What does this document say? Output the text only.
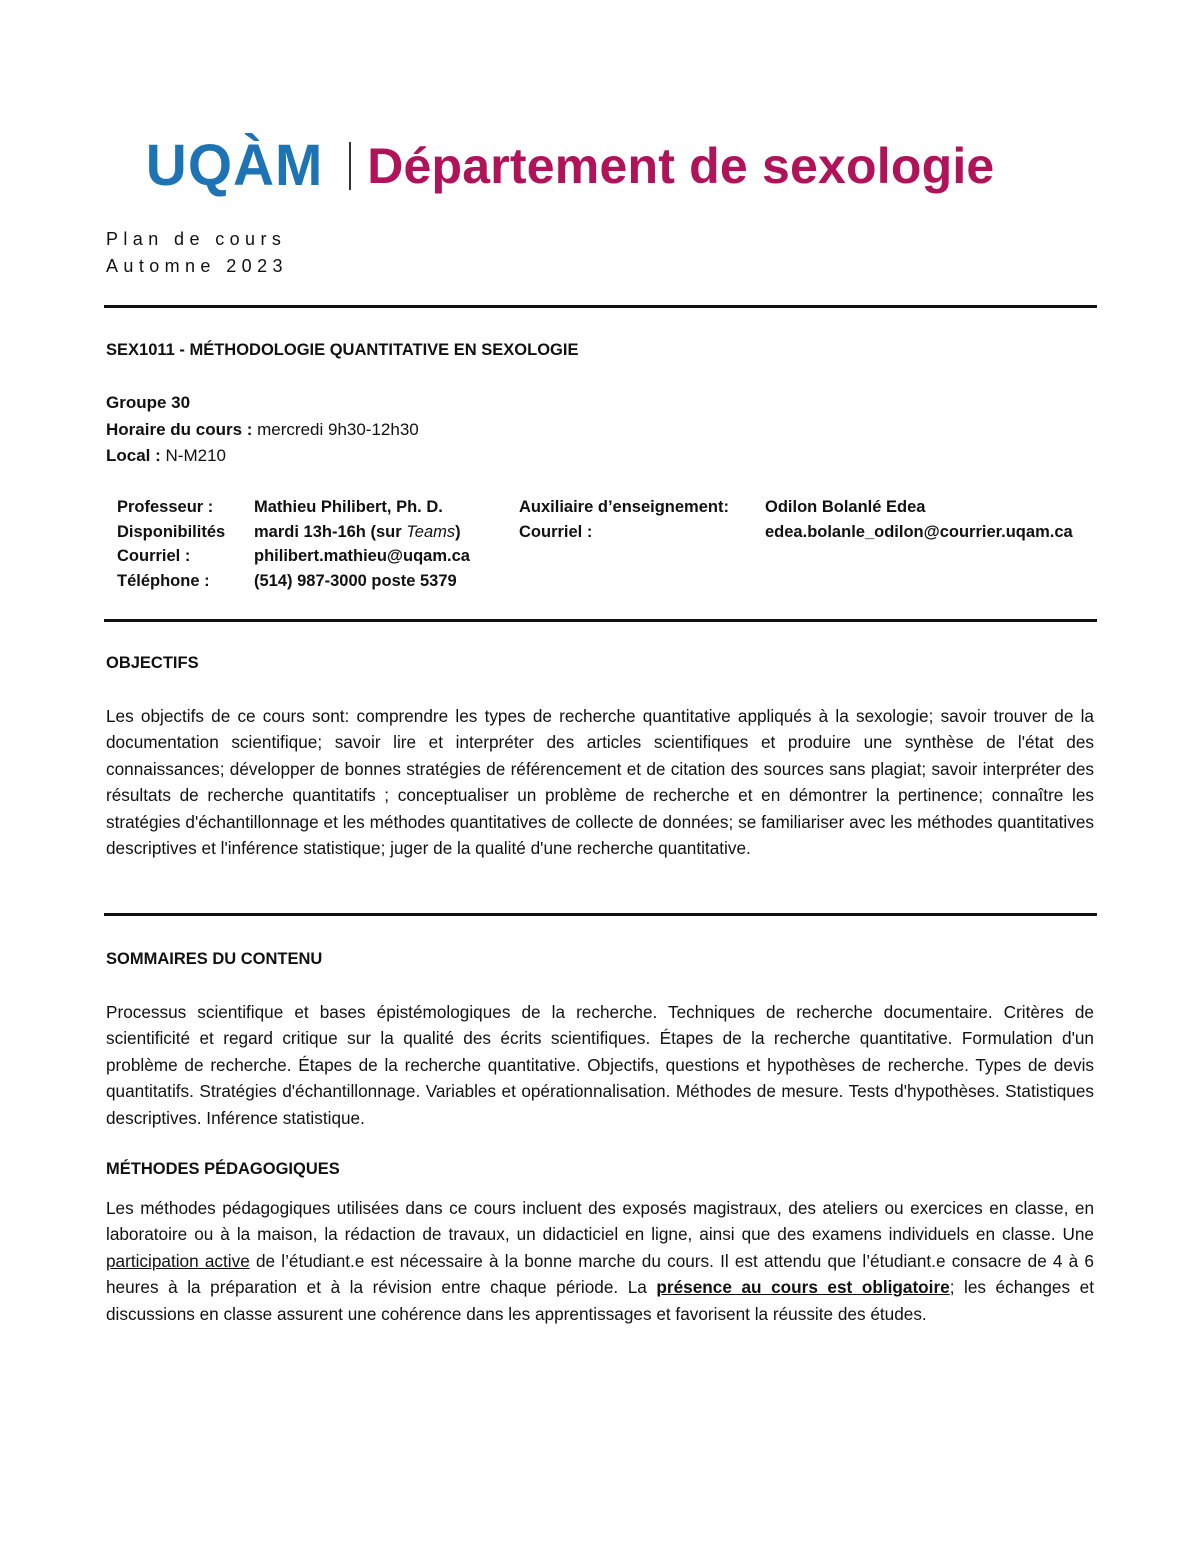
UQÀM Département de sexologie
Plan de cours
Automne 2023
SEX1011 - MÉTHODOLOGIE QUANTITATIVE EN SEXOLOGIE
Groupe 30
Horaire du cours : mercredi 9h30-12h30
Local : N-M210
Professeur :
Disponibilités
Courriel :
Téléphone :
Mathieu Philibert, Ph. D.
mardi 13h-16h (sur Teams)
philibert.mathieu@uqam.ca
(514) 987-3000 poste 5379
Auxiliaire d’enseignement:
Courriel :
Odilon Bolanlé Edea
edea.bolanle_odilon@courrier.uqam.ca
OBJECTIFS
Les objectifs de ce cours sont: comprendre les types de recherche quantitative appliqués à la sexologie; savoir trouver de la documentation scientifique; savoir lire et interpréter des articles scientifiques et produire une synthèse de l'état des connaissances; développer de bonnes stratégies de référencement et de citation des sources sans plagiat; savoir interpréter des résultats de recherche quantitatifs ; conceptualiser un problème de recherche et en démontrer la pertinence; connaître les stratégies d'échantillonnage et les méthodes quantitatives de collecte de données; se familiariser avec les méthodes quantitatives descriptives et l'inférence statistique; juger de la qualité d'une recherche quantitative.
SOMMAIRES DU CONTENU
Processus scientifique et bases épistémologiques de la recherche. Techniques de recherche documentaire. Critères de scientificité et regard critique sur la qualité des écrits scientifiques. Étapes de la recherche quantitative. Formulation d'un problème de recherche. Étapes de la recherche quantitative. Objectifs, questions et hypothèses de recherche. Types de devis quantitatifs. Stratégies d'échantillonnage. Variables et opérationnalisation. Méthodes de mesure. Tests d'hypothèses. Statistiques descriptives. Inférence statistique.
MÉTHODES PÉDAGOGIQUES
Les méthodes pédagogiques utilisées dans ce cours incluent des exposés magistraux, des ateliers ou exercices en classe, en laboratoire ou à la maison, la rédaction de travaux, un didacticiel en ligne, ainsi que des examens individuels en classe. Une participation active de l’étudiant.e est nécessaire à la bonne marche du cours. Il est attendu que l’étudiant.e consacre de 4 à 6 heures à la préparation et à la révision entre chaque période. La présence au cours est obligatoire; les échanges et discussions en classe assurent une cohérence dans les apprentissages et favorisent la réussite des études.
